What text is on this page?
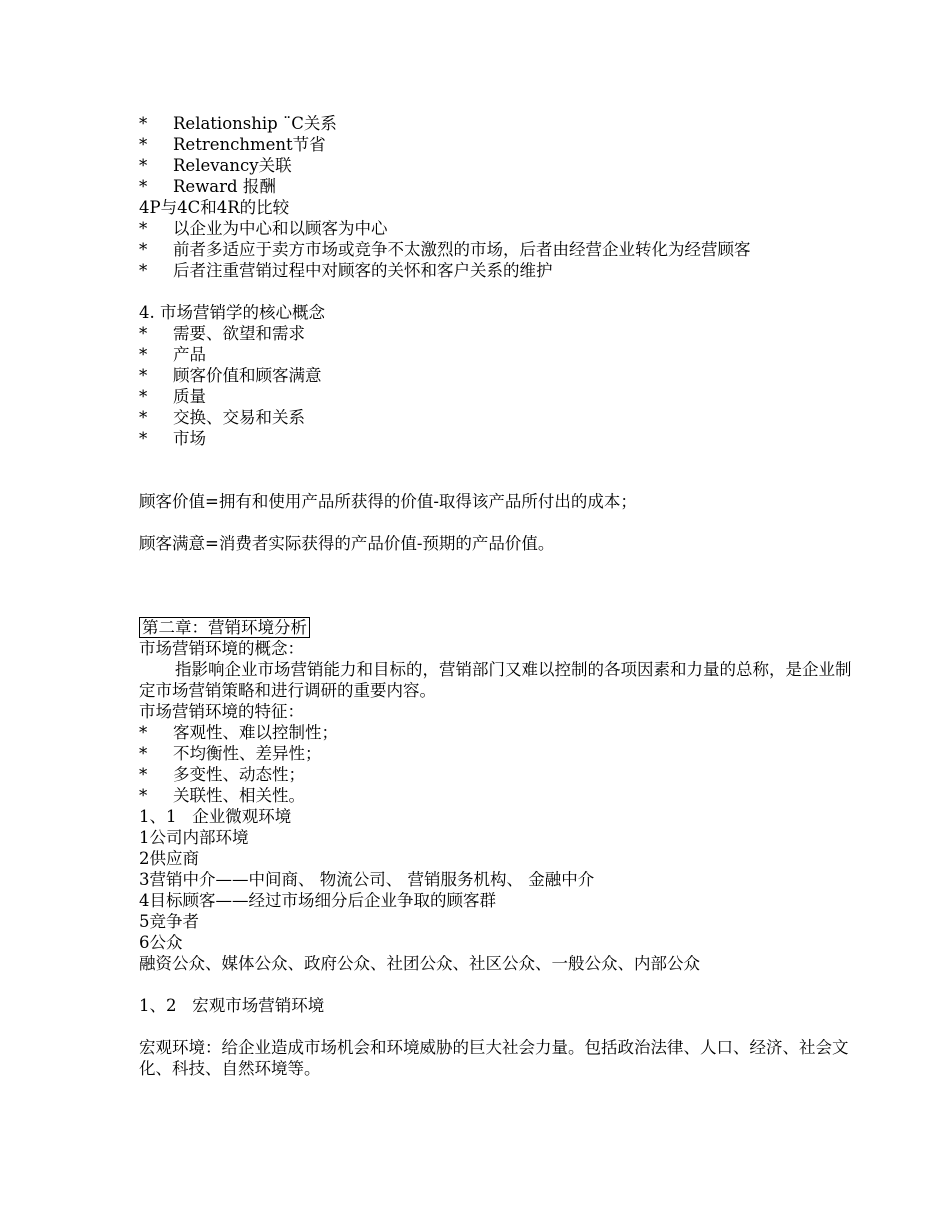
* Relationship ¨C关系
* Retrenchment节省
* Relevancy关联
* Reward 报酬
4P与4C和4R的比较
* 以企业为中心和以顾客为中心
* 前者多适应于卖方市场或竞争不太激烈的市场，后者由经营企业转化为经营顾客
* 后者注重营销过程中对顾客的关怀和客户关系的维护
4. 市场营销学的核心概念
* 需要、欲望和需求
* 产品
* 顾客价值和顾客满意
* 质量
* 交换、交易和关系
* 市场
顾客价值=拥有和使用产品所获得的价值-取得该产品所付出的成本；
顾客满意=消费者实际获得的产品价值-预期的产品价值。
第二章：营销环境分析
市场营销环境的概念：
指影响企业市场营销能力和目标的，营销部门又难以控制的各项因素和力量的总称，是企业制定市场营销策略和进行调研的重要内容。
市场营销环境的特征：
* 客观性、难以控制性；
* 不均衡性、差异性；
* 多变性、动态性；
* 关联性、相关性。
1、1   企业微观环境
1公司内部环境
2供应商
3营销中介——中间商、 物流公司、 营销服务机构、 金融中介
4目标顾客——经过市场细分后企业争取的顾客群
5竞争者
6公众
融资公众、媒体公众、政府公众、社团公众、社区公众、一般公众、内部公众
1、2   宏观市场营销环境
宏观环境：给企业造成市场机会和环境威胁的巨大社会力量。包括政治法律、人口、经济、社会文化、科技、自然环境等。
